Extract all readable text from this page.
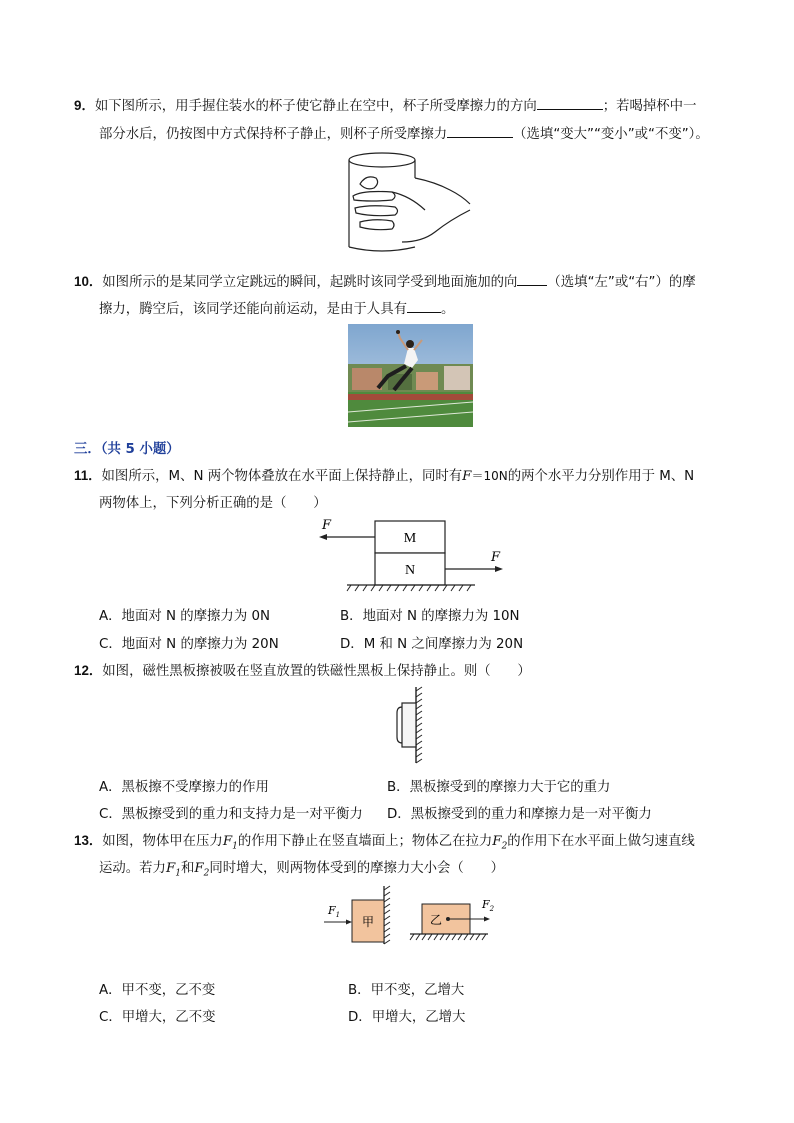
9．如下图所示，用手握住装水的杯子使它静止在空中，杯子所受摩擦力的方向	；若喝掉杯中一
部分水后，仍按图中方式保持杯子静止，则杯子所受摩擦力	（选填“变大”“变小”或“不变”）。
10．如图所示的是某同学立定跳远的瞬间，起跳时该同学受到地面施加的向 （选填“左”或“右”）的摩
擦力，腾空后，该同学还能向前运动，是由于人具有	。
三．（共 5 小题）
11．如图所示，M、N 两个物体叠放在水平面上保持静止，同时有F＝10N的两个水平力分别作用于 M、N
两物体上，下列分析正确的是（　　）
M
N
F
F
A．地面对 N 的摩擦力为 0N	B．地面对 N 的摩擦力为 10N
C．地面对 N 的摩擦力为 20N	D．M 和 N 之间摩擦力为 20N
12．如图，磁性黑板擦被吸在竖直放置的铁磁性黑板上保持静止。则（　　）
A．黑板擦不受摩擦力的作用	B．黑板擦受到的摩擦力大于它的重力
C．黑板擦受到的重力和支持力是一对平衡力 D．黑板擦受到的重力和摩擦力是一对平衡力
13．如图，物体甲在压力$F_1$的作用下静止在竖直墙面上；物体乙在拉力$F_2$的作用下在水平面上做匀速直线
运动。若力$F_1$和$F_2$同时增大，则两物体受到的摩擦力大小会（　　）
甲
$F_1$	乙
$F_2$
A．甲不变，乙不变	B．甲不变，乙增大
C．甲增大，乙不变	D．甲增大，乙增大
